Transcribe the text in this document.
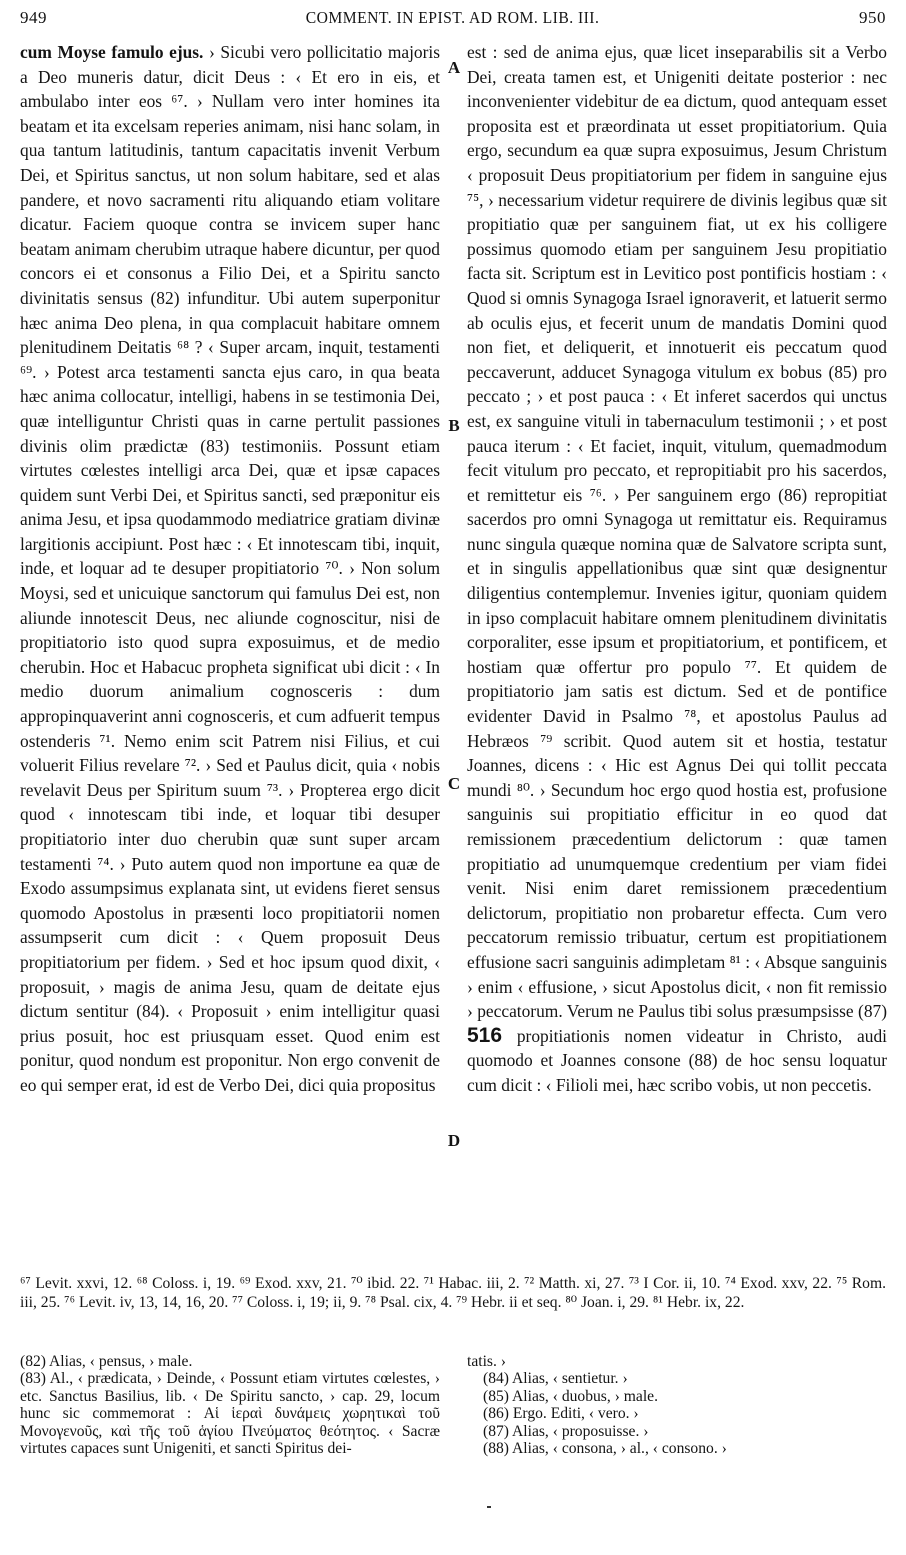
949	COMMENT. IN EPIST. AD ROM. LIB. III.	950

cum Moyse famulo ejus. › Sicubi vero pollicitatio majoris a Deo muneris datur, dicit Deus : ‹ Et ero in eis, et ambulabo inter eos ⁶⁷. › Nullam vero inter homines ita beatam et ita excelsam reperies animam, nisi hanc solam, in qua tantum latitudinis, tantum capacitatis invenit Verbum Dei, et Spiritus sanctus, ut non solum habitare, sed et alas pandere, et novo sacramenti ritu aliquando etiam volitare dicatur. Faciem quoque contra se invicem super hanc beatam animam cherubim utraque habere dicuntur, per quod concors ei et consonus a Filio Dei, et a Spiritu sancto divinitatis sensus (82) infunditur. Ubi autem superponitur hæc anima Deo plena, in qua complacuit habitare omnem plenitudinem Deitatis ⁶⁸ ? ‹ Super arcam, inquit, testamenti ⁶⁹. › Potest arca testamenti sancta ejus caro, in qua beata hæc anima collocatur, intelligi, habens in se testimonia Dei, quæ intelliguntur Christi quas in carne pertulit passiones divinis olim prædictæ (83) testimoniis. Possunt etiam virtutes cœlestes intelligi arca Dei, quæ et ipsæ capaces quidem sunt Verbi Dei, et Spiritus sancti, sed præponitur eis anima Jesu, et ipsa quodammodo mediatrice gratiam divinæ largitionis accipiunt. Post hæc : ‹ Et innotescam tibi, inquit, inde, et loquar ad te desuper propitiatorio ⁷⁰. › Non solum Moysi, sed et unicuique sanctorum qui famulus Dei est, non aliunde innotescit Deus, nec aliunde cognoscitur, nisi de propitiatorio isto quod supra exposuimus, et de medio cherubin. Hoc et Habacuc propheta significat ubi dicit : ‹ In medio duorum animalium cognosceris : dum appropinquaverint anni cognosceris, et cum adfuerit tempus ostenderis ⁷¹. Nemo enim scit Patrem nisi Filius, et cui voluerit Filius revelare ⁷². › Sed et Paulus dicit, quia ‹ nobis revelavit Deus per Spiritum suum ⁷³. › Propterea ergo dicit quod ‹ innotescam tibi inde, et loquar tibi desuper propitiatorio inter duo cherubin quæ sunt super arcam testamenti ⁷⁴. › Puto autem quod non importune ea quæ de Exodo assumpsimus explanata sint, ut evidens fieret sensus quomodo Apostolus in præsenti loco propitiatorii nomen assumpserit cum dicit : ‹ Quem proposuit Deus propitiatorium per fidem. › Sed et hoc ipsum quod dixit, ‹ proposuit, › magis de anima Jesu, quam de deitate ejus dictum sentitur (84). ‹ Proposuit › enim intelligitur quasi prius posuit, hoc est priusquam esset. Quod enim est ponitur, quod nondum est proponitur. Non ergo convenit de eo qui semper erat, id est de Verbo Dei, dici quia propositus

A
B
C
D

est : sed de anima ejus, quæ licet inseparabilis sit a Verbo Dei, creata tamen est, et Unigeniti deitate posterior : nec inconvenienter videbitur de ea dictum, quod antequam esset proposita est et præordinata ut esset propitiatorium. Quia ergo, secundum ea quæ supra exposuimus, Jesum Christum ‹ proposuit Deus propitiatorium per fidem in sanguine ejus ⁷⁵, › necessarium videtur requirere de divinis legibus quæ sit propitiatio quæ per sanguinem fiat, ut ex his colligere possimus quomodo etiam per sanguinem Jesu propitiatio facta sit. Scriptum est in Levitico post pontificis hostiam : ‹ Quod si omnis Synagoga Israel ignoraverit, et latuerit sermo ab oculis ejus, et fecerit unum de mandatis Domini quod non fiet, et deliquerit, et innotuerit eis peccatum quod peccaverunt, adducet Synagoga vitulum ex bobus (85) pro peccato ; › et post pauca : ‹ Et inferet sacerdos qui unctus est, ex sanguine vituli in tabernaculum testimonii ; › et post pauca iterum : ‹ Et faciet, inquit, vitulum, quemadmodum fecit vitulum pro peccato, et repropitiabit pro his sacerdos, et remittetur eis ⁷⁶. › Per sanguinem ergo (86) repropitiat sacerdos pro omni Synagoga ut remittatur eis. Requiramus nunc singula quæque nomina quæ de Salvatore scripta sunt, et in singulis appellationibus quæ sint quæ designentur diligentius contemplemur. Invenies igitur, quoniam quidem in ipso complacuit habitare omnem plenitudinem divinitatis corporaliter, esse ipsum et propitiatorium, et pontificem, et hostiam quæ offertur pro populo ⁷⁷. Et quidem de propitiatorio jam satis est dictum. Sed et de pontifice evidenter David in Psalmo ⁷⁸, et apostolus Paulus ad Hebræos ⁷⁹ scribit. Quod autem sit et hostia, testatur Joannes, dicens : ‹ Hic est Agnus Dei qui tollit peccata mundi ⁸⁰. › Secundum hoc ergo quod hostia est, profusione sanguinis sui propitiatio efficitur in eo quod dat remissionem præcedentium delictorum : quæ tamen propitiatio ad unumquemque credentium per viam fidei venit. Nisi enim daret remissionem præcedentium delictorum, propitiatio non probaretur effecta. Cum vero peccatorum remissio tribuatur, certum est propitiationem effusione sacri sanguinis adimpletam ⁸¹ : ‹ Absque sanguinis › enim ‹ effusione, › sicut Apostolus dicit, ‹ non fit remissio › peccatorum. Verum ne Paulus tibi solus præsumpsisse (87) 516 propitiationis nomen videatur in Christo, audi quomodo et Joannes consone (88) de hoc sensu loquatur cum dicit : ‹ Filioli mei, hæc scribo vobis, ut non peccetis.

⁶⁷ Levit. xxvi, 12. ⁶⁸ Coloss. i, 19. ⁶⁹ Exod. xxv, 21. ⁷⁰ ibid. 22. ⁷¹ Habac. iii, 2. ⁷² Matth. xi, 27. ⁷³ I Cor. ii, 10. ⁷⁴ Exod. xxv, 22. ⁷⁵ Rom. iii, 25. ⁷⁶ Levit. iv, 13, 14, 16, 20. ⁷⁷ Coloss. i, 19; ii, 9. ⁷⁸ Psal. cix, 4. ⁷⁹ Hebr. ii et seq. ⁸⁰ Joan. i, 29. ⁸¹ Hebr. ix, 22.
(82) Alias, ‹ pensus, › male.
(83) Al., ‹ prædicata, › Deinde, ‹ Possunt etiam virtutes cœlestes, › etc. Sanctus Basilius, lib. ‹ De Spiritu sancto, › cap. 29, locum hunc sic commemorat : Αἱ ἱεραὶ δυνάμεις χωρητικαὶ τοῦ Μονογενοῦς, καὶ τῆς τοῦ ἁγίου Πνεύματος θεότητος. ‹ Sacræ virtutes capaces sunt Unigeniti, et sancti Spiritus dei-
tatis. ›
(84) Alias, ‹ sentietur. ›
(85) Alias, ‹ duobus, › male.
(86) Ergo. Editi, ‹ vero. ›
(87) Alias, ‹ proposuisse. ›
(88) Alias, ‹ consona, › al., ‹ consono. ›
